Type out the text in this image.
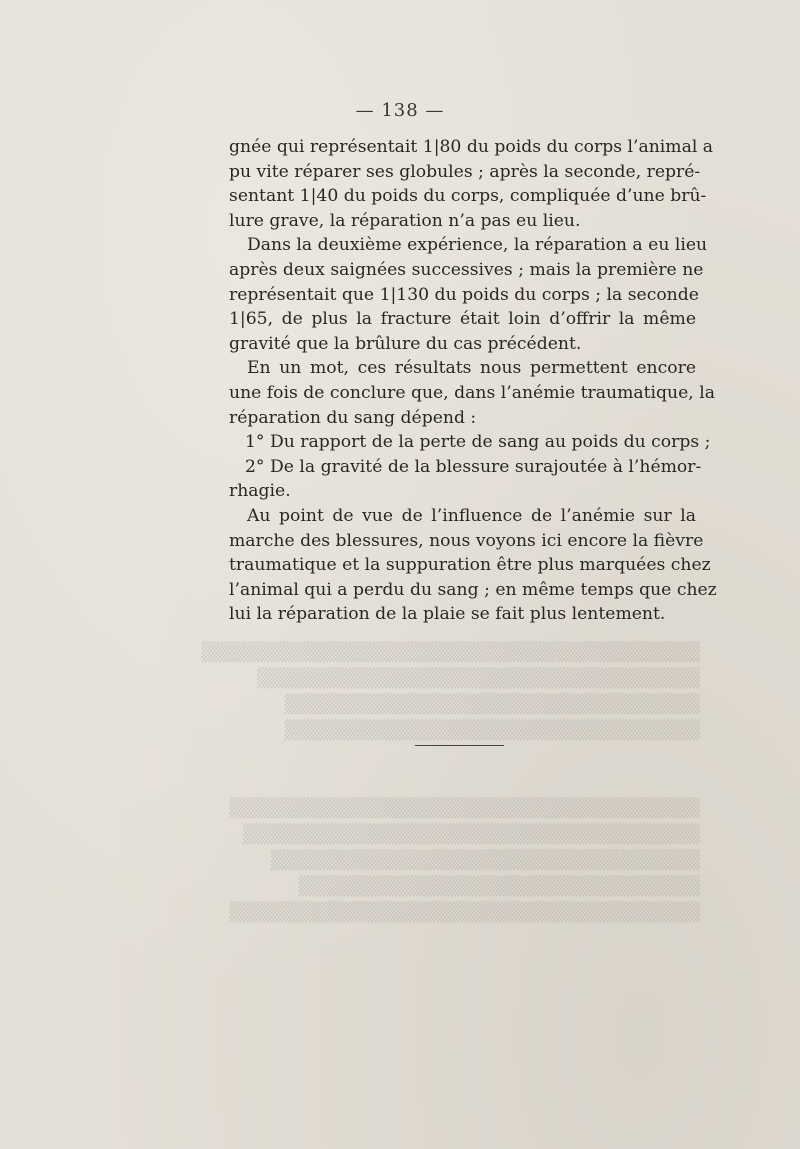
▒▒▒▒▒▒▒▒▒▒▒▒▒▒▒▒▒▒▒▒▒▒▒▒▒▒▒▒▒▒▒▒▒▒▒▒
▒▒▒▒▒▒▒▒▒▒▒▒▒▒▒▒▒▒▒▒▒▒▒▒▒▒▒▒▒▒▒▒
▒▒▒▒▒▒▒▒▒▒▒▒▒▒▒▒▒▒▒▒▒▒▒▒▒▒▒▒▒▒
▒▒▒▒▒▒▒▒▒▒▒▒▒▒▒▒▒▒▒▒▒▒▒▒▒▒▒▒▒▒

▒▒▒▒▒▒▒▒▒▒▒▒▒▒▒▒▒▒▒▒▒▒▒▒▒▒▒▒▒▒▒▒▒▒
▒▒▒▒▒▒▒▒▒▒▒▒▒▒▒▒▒▒▒▒▒▒▒▒▒▒▒▒▒▒▒▒▒
▒▒▒▒▒▒▒▒▒▒▒▒▒▒▒▒▒▒▒▒▒▒▒▒▒▒▒▒▒▒▒
▒▒▒▒▒▒▒▒▒▒▒▒▒▒▒▒▒▒▒▒▒▒▒▒▒▒▒▒▒
▒▒▒▒▒▒▒▒▒▒▒▒▒▒▒▒▒▒▒▒▒▒▒▒▒▒▒▒▒▒▒▒▒▒
— 138 —
gnée qui représentait 1|80 du poids du corps l’animal a
pu vite réparer ses globules ; après la seconde, repré-
sentant 1|40 du poids du corps, compliquée d’une brû-
lure grave, la réparation n’a pas eu lieu.
Dans la deuxième expérience, la réparation a eu lieu
après deux saignées successives ; mais la première ne
représentait que 1|130 du poids du corps ; la seconde
1|65, de plus la fracture était loin d’offrir la même
gravité que la brûlure du cas précédent.
En un mot, ces résultats nous permettent encore
une fois de conclure que, dans l’anémie traumatique, la
réparation du sang dépend :
1° Du rapport de la perte de sang au poids du corps ;
2° De la gravité de la blessure surajoutée à l’hémor-
rhagie.
Au point de vue de l’influence de l’anémie sur la
marche des blessures, nous voyons ici encore la fièvre
traumatique et la suppuration être plus marquées chez
l’animal qui a perdu du sang ; en même temps que chez
lui la réparation de la plaie se fait plus lentement.
